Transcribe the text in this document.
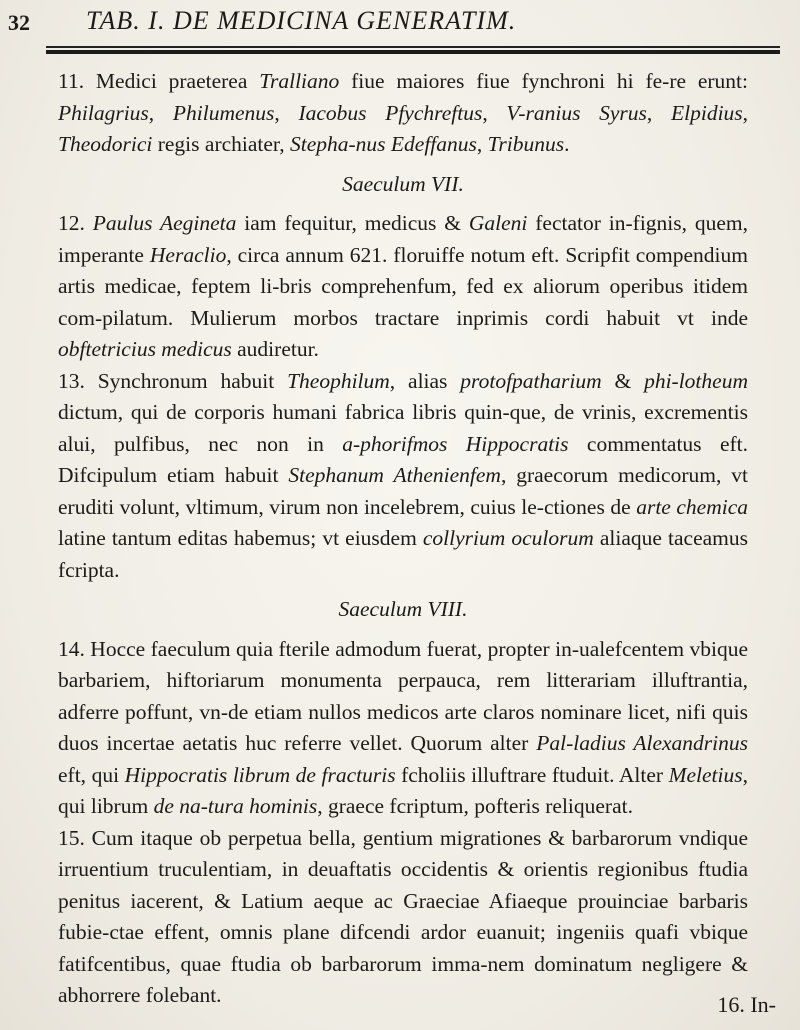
32 TAB. I. DE MEDICINA GENERATIM.

11. Medici praeterea Tralliano fiue maiores fiue fynchroni hi fe-re erunt: Philagrius, Philumenus, Iacobus Pfychreftus, V-ranius Syrus, Elpidius, Theodorici regis archiater, Stepha-nus Edeffanus, Tribunus.

Saeculum VII.

12. Paulus Aegineta iam fequitur, medicus & Galeni fectator in-fignis, quem, imperante Heraclio, circa annum 621. floruiffe notum eft. Scripfit compendium artis medicae, feptem li-bris comprehenfum, fed ex aliorum operibus itidem com-pilatum. Mulierum morbos tractare inprimis cordi habuit vt inde obftetricius medicus audiretur.

13. Synchronum habuit Theophilum, alias protofpatharium & phi-lotheum dictum, qui de corporis humani fabrica libris quin-que, de vrinis, excrementis alui, pulfibus, nec non in a-phorifmos Hippocratis commentatus eft. Difcipulum etiam habuit Stephanum Athenienfem, graecorum medicorum, vt eruditi volunt, vltimum, virum non incelebrem, cuius le-ctiones de arte chemica latine tantum editas habemus; vt eiusdem collyrium oculorum aliaque taceamus fcripta.

Saeculum VIII.

14. Hocce faeculum quia fterile admodum fuerat, propter in-ualefcentem vbique barbariem, hiftoriarum monumenta perpauca, rem litterariam illuftrantia, adferre poffunt, vn-de etiam nullos medicos arte claros nominare licet, nifi quis duos incertae aetatis huc referre vellet. Quorum alter Pal-ladius Alexandrinus eft, qui Hippocratis librum de fracturis fcholiis illuftrare ftuduit. Alter Meletius, qui librum de na-tura hominis, graece fcriptum, pofteris reliquerat.

15. Cum itaque ob perpetua bella, gentium migrationes & barbarorum vndique irruentium truculentiam, in deuaftatis occidentis & orientis regionibus ftudia penitus iacerent, & Latium aeque ac Graeciae Afiaeque prouinciae barbaris fubie-ctae effent, omnis plane difcendi ardor euanuit; ingeniis quafi vbique fatifcentibus, quae ftudia ob barbarorum imma-nem dominatum negligere & abhorrere folebant.	16. In-
